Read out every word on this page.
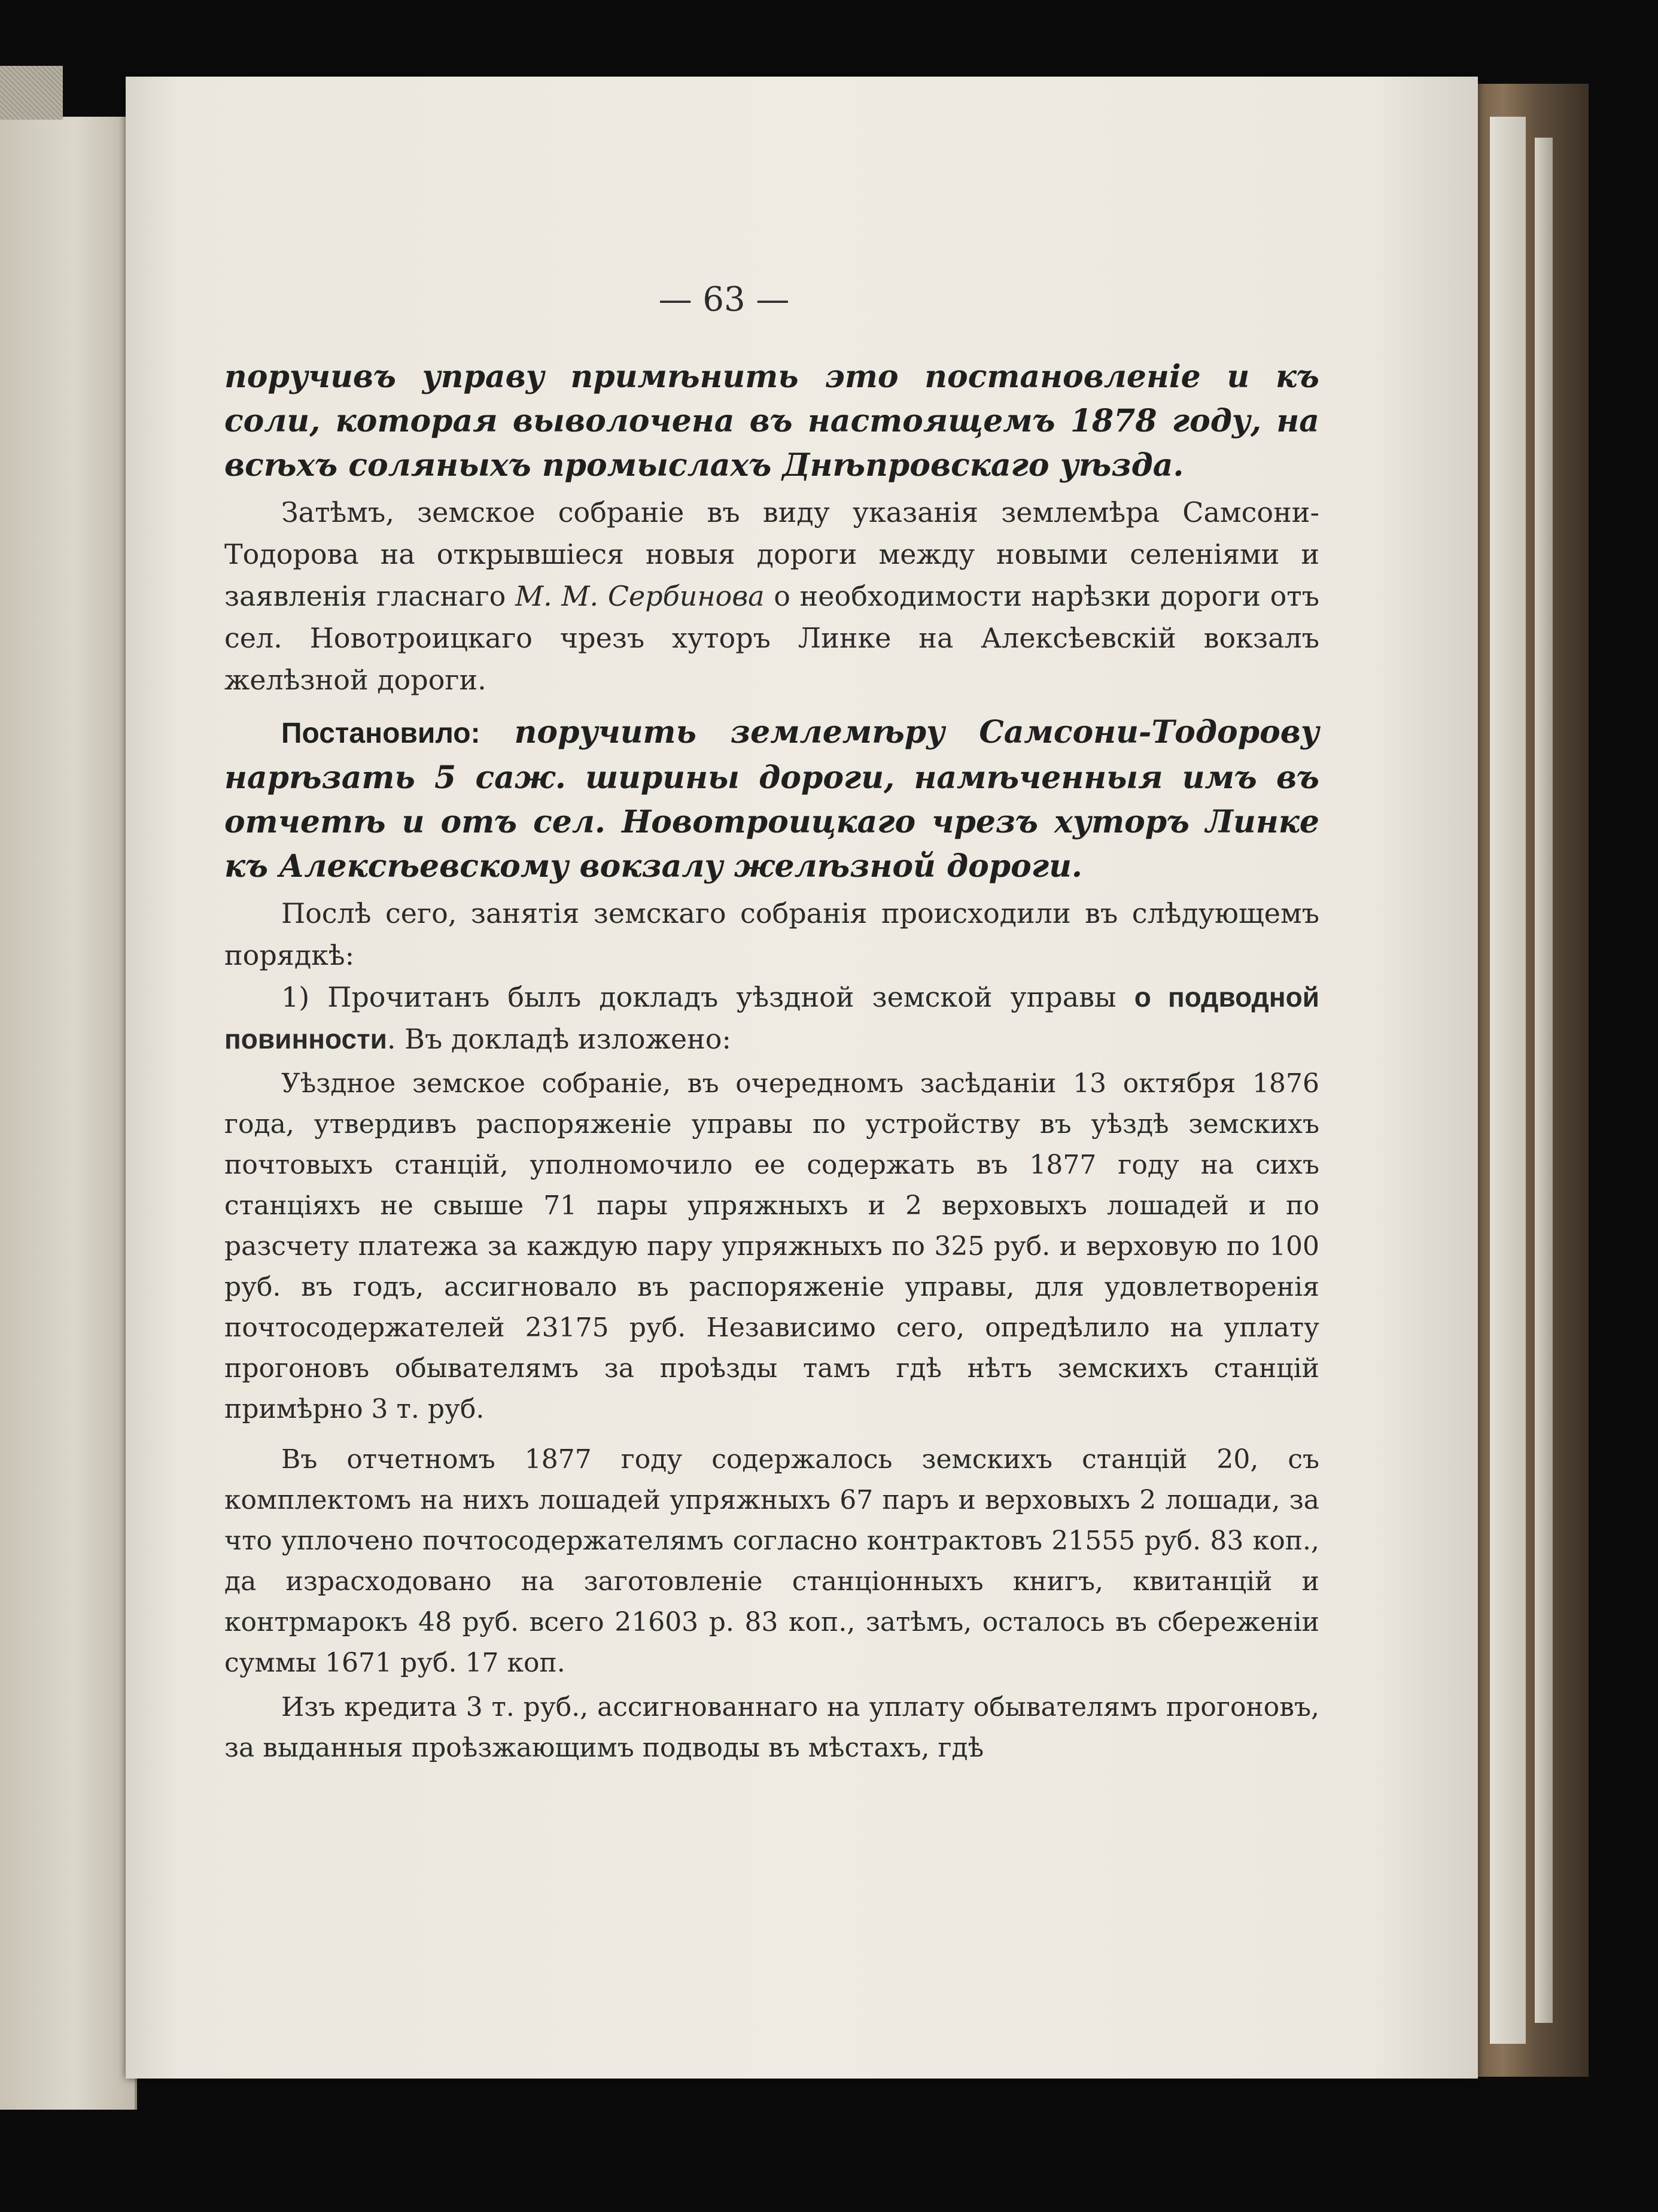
— 63 —

поручивъ управу примѣнить это постановленіе и къ соли, которая выволочена въ настоящемъ 1878 году, на всѣхъ соляныхъ промыслахъ Днѣпровскаго уѣзда.

Затѣмъ, земское собраніе въ виду указанія землемѣра Самсони-Тодорова на открывшіеся новыя дороги между новыми селеніями и заявленія гласнаго М. М. Сербинова о необходимости нарѣзки дороги отъ сел. Новотроицкаго чрезъ хуторъ Линке на Алексѣевскій вокзалъ желѣзной дороги.

Постановило: поручить землемѣру Самсони-Тодорову нарѣзать 5 саж. ширины дороги, намѣченныя имъ въ отчетѣ и отъ сел. Новотроицкаго чрезъ хуторъ Линке къ Алексѣевскому вокзалу желѣзной дороги.

Послѣ сего, занятія земскаго собранія происходили въ слѣдующемъ порядкѣ:

1) Прочитанъ былъ докладъ уѣздной земской управы о подводной повинности. Въ докладѣ изложено:

Уѣздное земское собраніе, въ очередномъ засѣданіи 13 октября 1876 года, утвердивъ распоряженіе управы по устройству въ уѣздѣ земскихъ почтовыхъ станцій, уполномочило ее содержать въ 1877 году на сихъ станціяхъ не свыше 71 пары упряжныхъ и 2 верховыхъ лошадей и по разсчету платежа за каждую пару упряжныхъ по 325 руб. и верховую по 100 руб. въ годъ, ассигновало въ распоряженіе управы, для удовлетворенія почтосодержателей 23175 руб. Независимо сего, опредѣлило на уплату прогоновъ обывателямъ за проѣзды тамъ гдѣ нѣтъ земскихъ станцій примѣрно 3 т. руб.

Въ отчетномъ 1877 году содержалось земскихъ станцій 20, съ комплектомъ на нихъ лошадей упряжныхъ 67 паръ и верховыхъ 2 лошади, за что уплочено почтосодержателямъ согласно контрактовъ 21555 руб. 83 коп., да израсходовано на заготовленіе станціонныхъ книгъ, квитанцій и контрмарокъ 48 руб. всего 21603 р. 83 коп., затѣмъ, осталось въ сбереженіи суммы 1671 руб. 17 коп.

Изъ кредита 3 т. руб., ассигнованнаго на уплату обывателямъ прогоновъ, за выданныя проѣзжающимъ подводы въ мѣстахъ, гдѣ
